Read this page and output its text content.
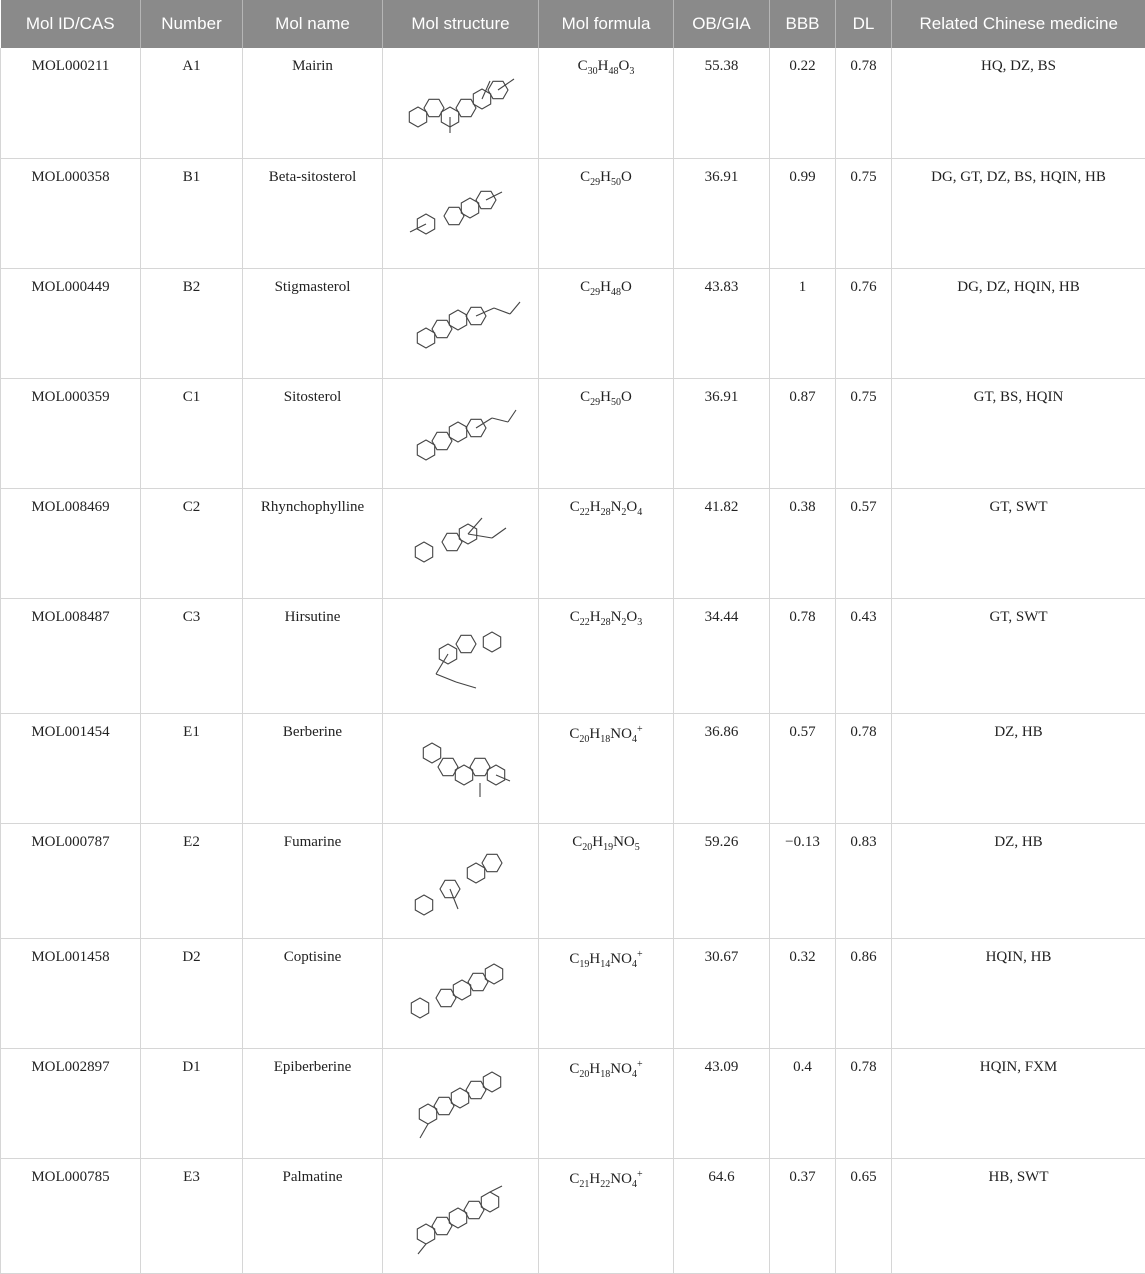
Mol ID/CAS	Number	Mol name	Mol structure	Mol formula	OB/GIA	BBB	DL	Related Chinese medicine
MOL000211	A1	Mairin		$C_{30}H_{48}O_3$	55.38	0.22	0.78	HQ, DZ, BS
MOL000358	B1	Beta-sitosterol		$C_{29}H_{50}O$	36.91	0.99	0.75	DG, GT, DZ, BS, HQIN, HB
MOL000449	B2	Stigmasterol		$C_{29}H_{48}O$	43.83	1	0.76	DG, DZ, HQIN, HB
MOL000359	C1	Sitosterol		$C_{29}H_{50}O$	36.91	0.87	0.75	GT, BS, HQIN
MOL008469	C2	Rhynchophylline		$C_{22}H_{28}N_2O_4$	41.82	0.38	0.57	GT, SWT
MOL008487	C3	Hirsutine		$C_{22}H_{28}N_2O_3$	34.44	0.78	0.43	GT, SWT
MOL001454	E1	Berberine		$C_{20}H_{18}NO_4^+$	36.86	0.57	0.78	DZ, HB
MOL000787	E2	Fumarine		$C_{20}H_{19}NO_5$	59.26	−0.13	0.83	DZ, HB
MOL001458	D2	Coptisine		$C_{19}H_{14}NO_4^+$	30.67	0.32	0.86	HQIN, HB
MOL002897	D1	Epiberberine		$C_{20}H_{18}NO_4^+$	43.09	0.4	0.78	HQIN, FXM
MOL000785	E3	Palmatine		$C_{21}H_{22}NO_4^+$	64.6	0.37	0.65	HB, SWT
